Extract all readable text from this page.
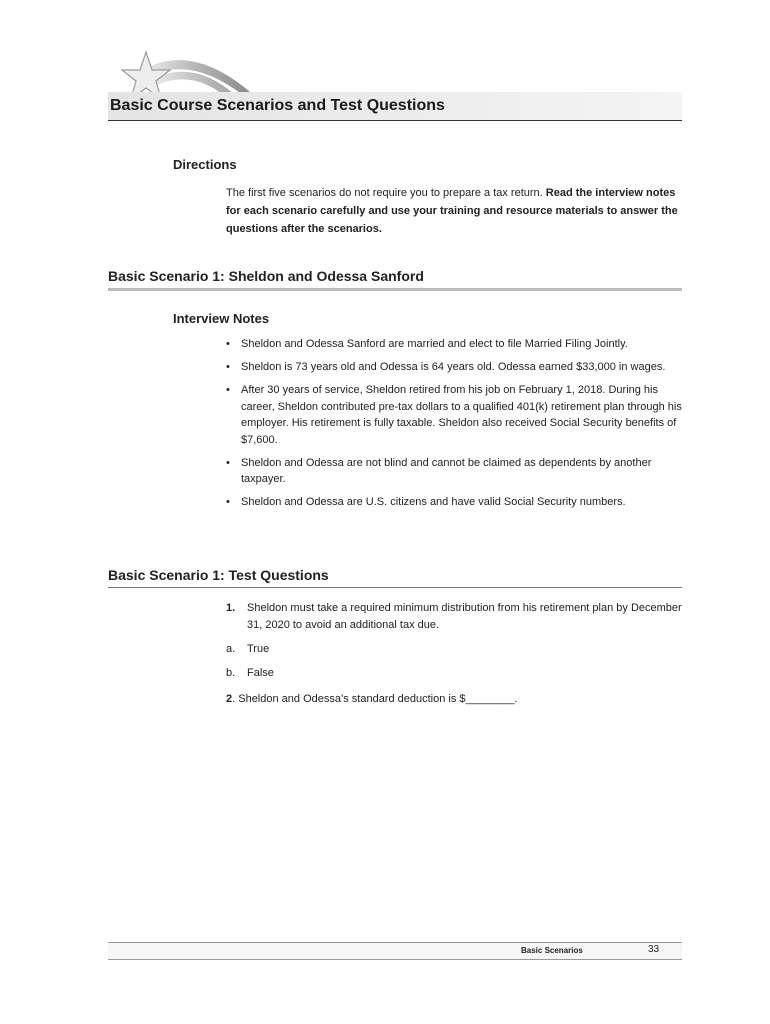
Basic Course Scenarios and Test Questions
Directions
The first five scenarios do not require you to prepare a tax return. Read the interview notes for each scenario carefully and use your training and resource materials to answer the questions after the scenarios.
Basic Scenario 1: Sheldon and Odessa Sanford
Interview Notes
• Sheldon and Odessa Sanford are married and elect to file Married Filing Jointly.
• Sheldon is 73 years old and Odessa is 64 years old. Odessa earned $33,000 in wages.
• After 30 years of service, Sheldon retired from his job on February 1, 2018. During his career, Sheldon contributed pre-tax dollars to a qualified 401(k) retirement plan through his employer. His retirement is fully taxable. Sheldon also received Social Security benefits of $7,600.
• Sheldon and Odessa are not blind and cannot be claimed as dependents by another taxpayer.
• Sheldon and Odessa are U.S. citizens and have valid Social Security numbers.
Basic Scenario 1: Test Questions
1. Sheldon must take a required minimum distribution from his retirement plan by December 31, 2020 to avoid an additional tax due.
a. True
b. False
2. Sheldon and Odessa’s standard deduction is $________.
Basic Scenarios	33
